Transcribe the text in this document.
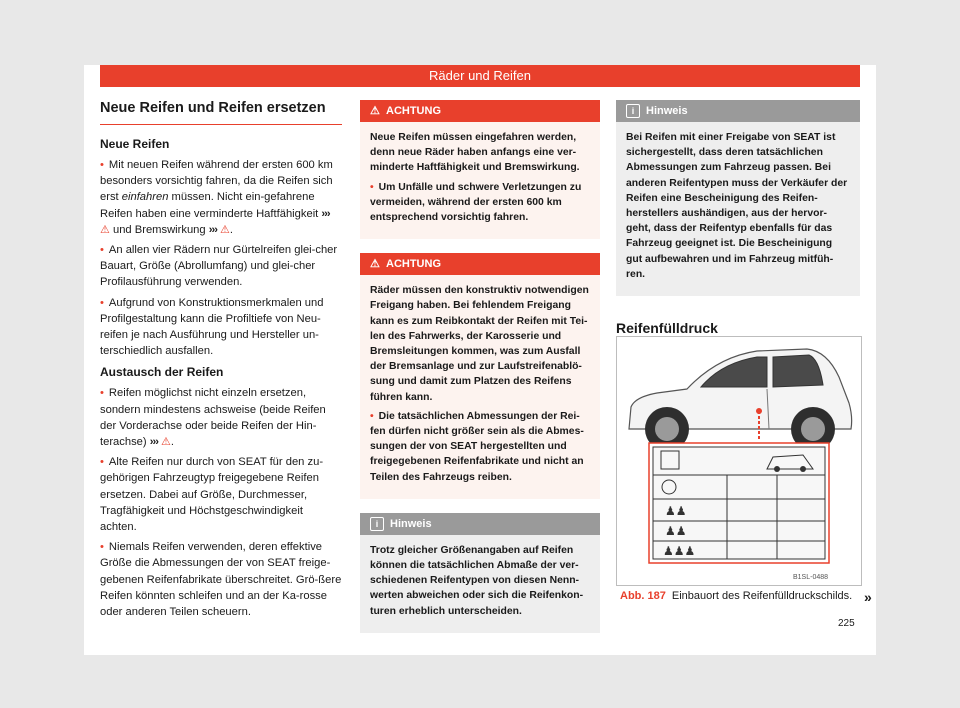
Räder und Reifen
Neue Reifen und Reifen ersetzen
Neue Reifen

• Mit neuen Reifen während der ersten 600 km besonders vorsichtig fahren, da die Reifen sich erst einfahren müssen. Nicht ein-gefahrene Reifen haben eine verminderte Haftfähigkeit ››› ⚠ und Bremswirkung ››› ⚠.

• An allen vier Rädern nur Gürtelreifen glei-cher Bauart, Größe (Abrollumfang) und glei-cher Profilausführung verwenden.

• Aufgrund von Konstruktionsmerkmalen und Profilgestaltung kann die Profiltiefe von Neu-reifen je nach Ausführung und Hersteller un-terschiedlich ausfallen.

Austausch der Reifen

• Reifen möglichst nicht einzeln ersetzen, sondern mindestens achsweise (beide Reifen der Vorderachse oder beide Reifen der Hin-terachse) ››› ⚠.

• Alte Reifen nur durch von SEAT für den zu-gehörigen Fahrzeugtyp freigegebene Reifen ersetzen. Dabei auf Größe, Durchmesser, Tragfähigkeit und Höchstgeschwindigkeit achten.

• Niemals Reifen verwenden, deren effektive Größe die Abmessungen der von SEAT freige-gebenen Reifenfabrikate überschreitet. Grö-ßere Reifen könnten schleifen und an der Ka-rosse oder anderen Teilen scheuern.

⚠ ACHTUNG

Neue Reifen müssen eingefahren werden, denn neue Räder haben anfangs eine ver-minderte Haftfähigkeit und Bremswirkung.

• Um Unfälle und schwere Verletzungen zu vermeiden, während der ersten 600 km entsprechend vorsichtig fahren.

⚠ ACHTUNG

Räder müssen den konstruktiv notwendigen Freigang haben. Bei fehlendem Freigang kann es zum Reibkontakt der Reifen mit Tei-len des Fahrwerks, der Karosserie und Bremsleitungen kommen, was zum Ausfall der Bremsanlage und zur Laufstreifenablö-sung und damit zum Platzen des Reifens führen kann.

• Die tatsächlichen Abmessungen der Rei-fen dürfen nicht größer sein als die Abmes-sungen der von SEAT hergestellten und freigegebenen Reifenfabrikate und nicht an Teilen des Fahrzeugs reiben.

i Hinweis

Trotz gleicher Größenangaben auf Reifen können die tatsächlichen Abmaße der ver-schiedenen Reifentypen von diesen Nenn-werten abweichen oder sich die Reifenkon-turen erheblich unterscheiden.

i Hinweis

Bei Reifen mit einer Freigabe von SEAT ist sichergestellt, dass deren tatsächlichen Abmessungen zum Fahrzeug passen. Bei anderen Reifentypen muss der Verkäufer der Reifen eine Bescheinigung des Reifen-herstellers aushändigen, aus der hervor-geht, dass der Reifentyp ebenfalls für das Fahrzeug geeignet ist. Die Bescheinigung gut aufbewahren und im Fahrzeug mitfüh-ren.

Reifenfülldruck
♟♟
♟♟
♟♟♟
B1SL-0488
Abb. 187 Einbauort des Reifenfülldruckschilds. »
225
